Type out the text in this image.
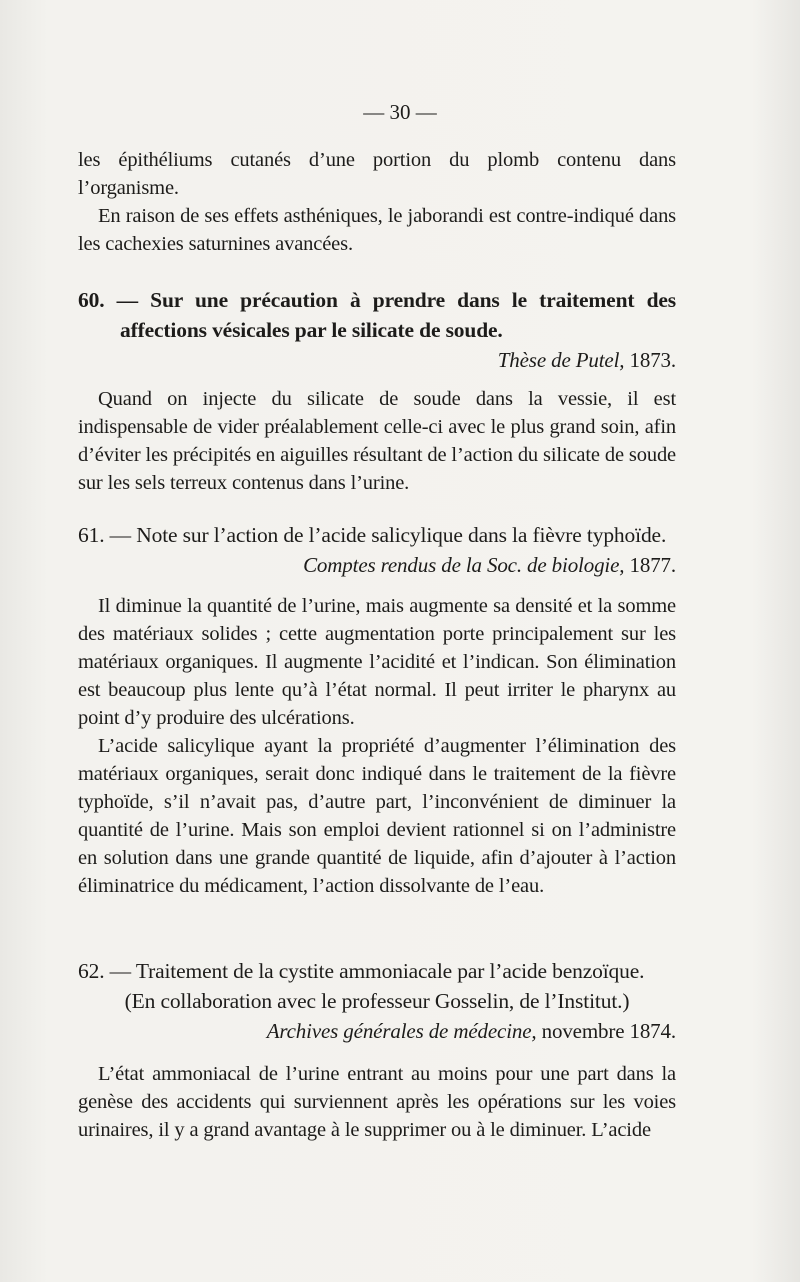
— 30 —

les épithéliums cutanés d’une portion du plomb contenu dans l’organisme.

En raison de ses effets asthéniques, le jaborandi est contre-indiqué dans les cachexies saturnines avancées.

60. — Sur une précaution à prendre dans le traitement des affections vésicales par le silicate de soude.
Thèse de Putel, 1873.

Quand on injecte du silicate de soude dans la vessie, il est indispensable de vider préalablement celle-ci avec le plus grand soin, afin d’éviter les précipités en aiguilles résultant de l’action du silicate de soude sur les sels terreux contenus dans l’urine.

61. — Note sur l’action de l’acide salicylique dans la fièvre typhoïde.
Comptes rendus de la Soc. de biologie, 1877.

Il diminue la quantité de l’urine, mais augmente sa densité et la somme des matériaux solides ; cette augmentation porte principalement sur les matériaux organiques. Il augmente l’acidité et l’indican. Son élimination est beaucoup plus lente qu’à l’état normal. Il peut irriter le pharynx au point d’y produire des ulcérations.

L’acide salicylique ayant la propriété d’augmenter l’élimination des matériaux organiques, serait donc indiqué dans le traitement de la fièvre typhoïde, s’il n’avait pas, d’autre part, l’inconvénient de diminuer la quantité de l’urine. Mais son emploi devient rationnel si on l’administre en solution dans une grande quantité de liquide, afin d’ajouter à l’action éliminatrice du médicament, l’action dissolvante de l’eau.

62. — Traitement de la cystite ammoniacale par l’acide benzoïque.
(En collaboration avec le professeur Gosselin, de l’Institut.)
Archives générales de médecine, novembre 1874.

L’état ammoniacal de l’urine entrant au moins pour une part dans la genèse des accidents qui surviennent après les opérations sur les voies urinaires, il y a grand avantage à le supprimer ou à le diminuer. L’acide
